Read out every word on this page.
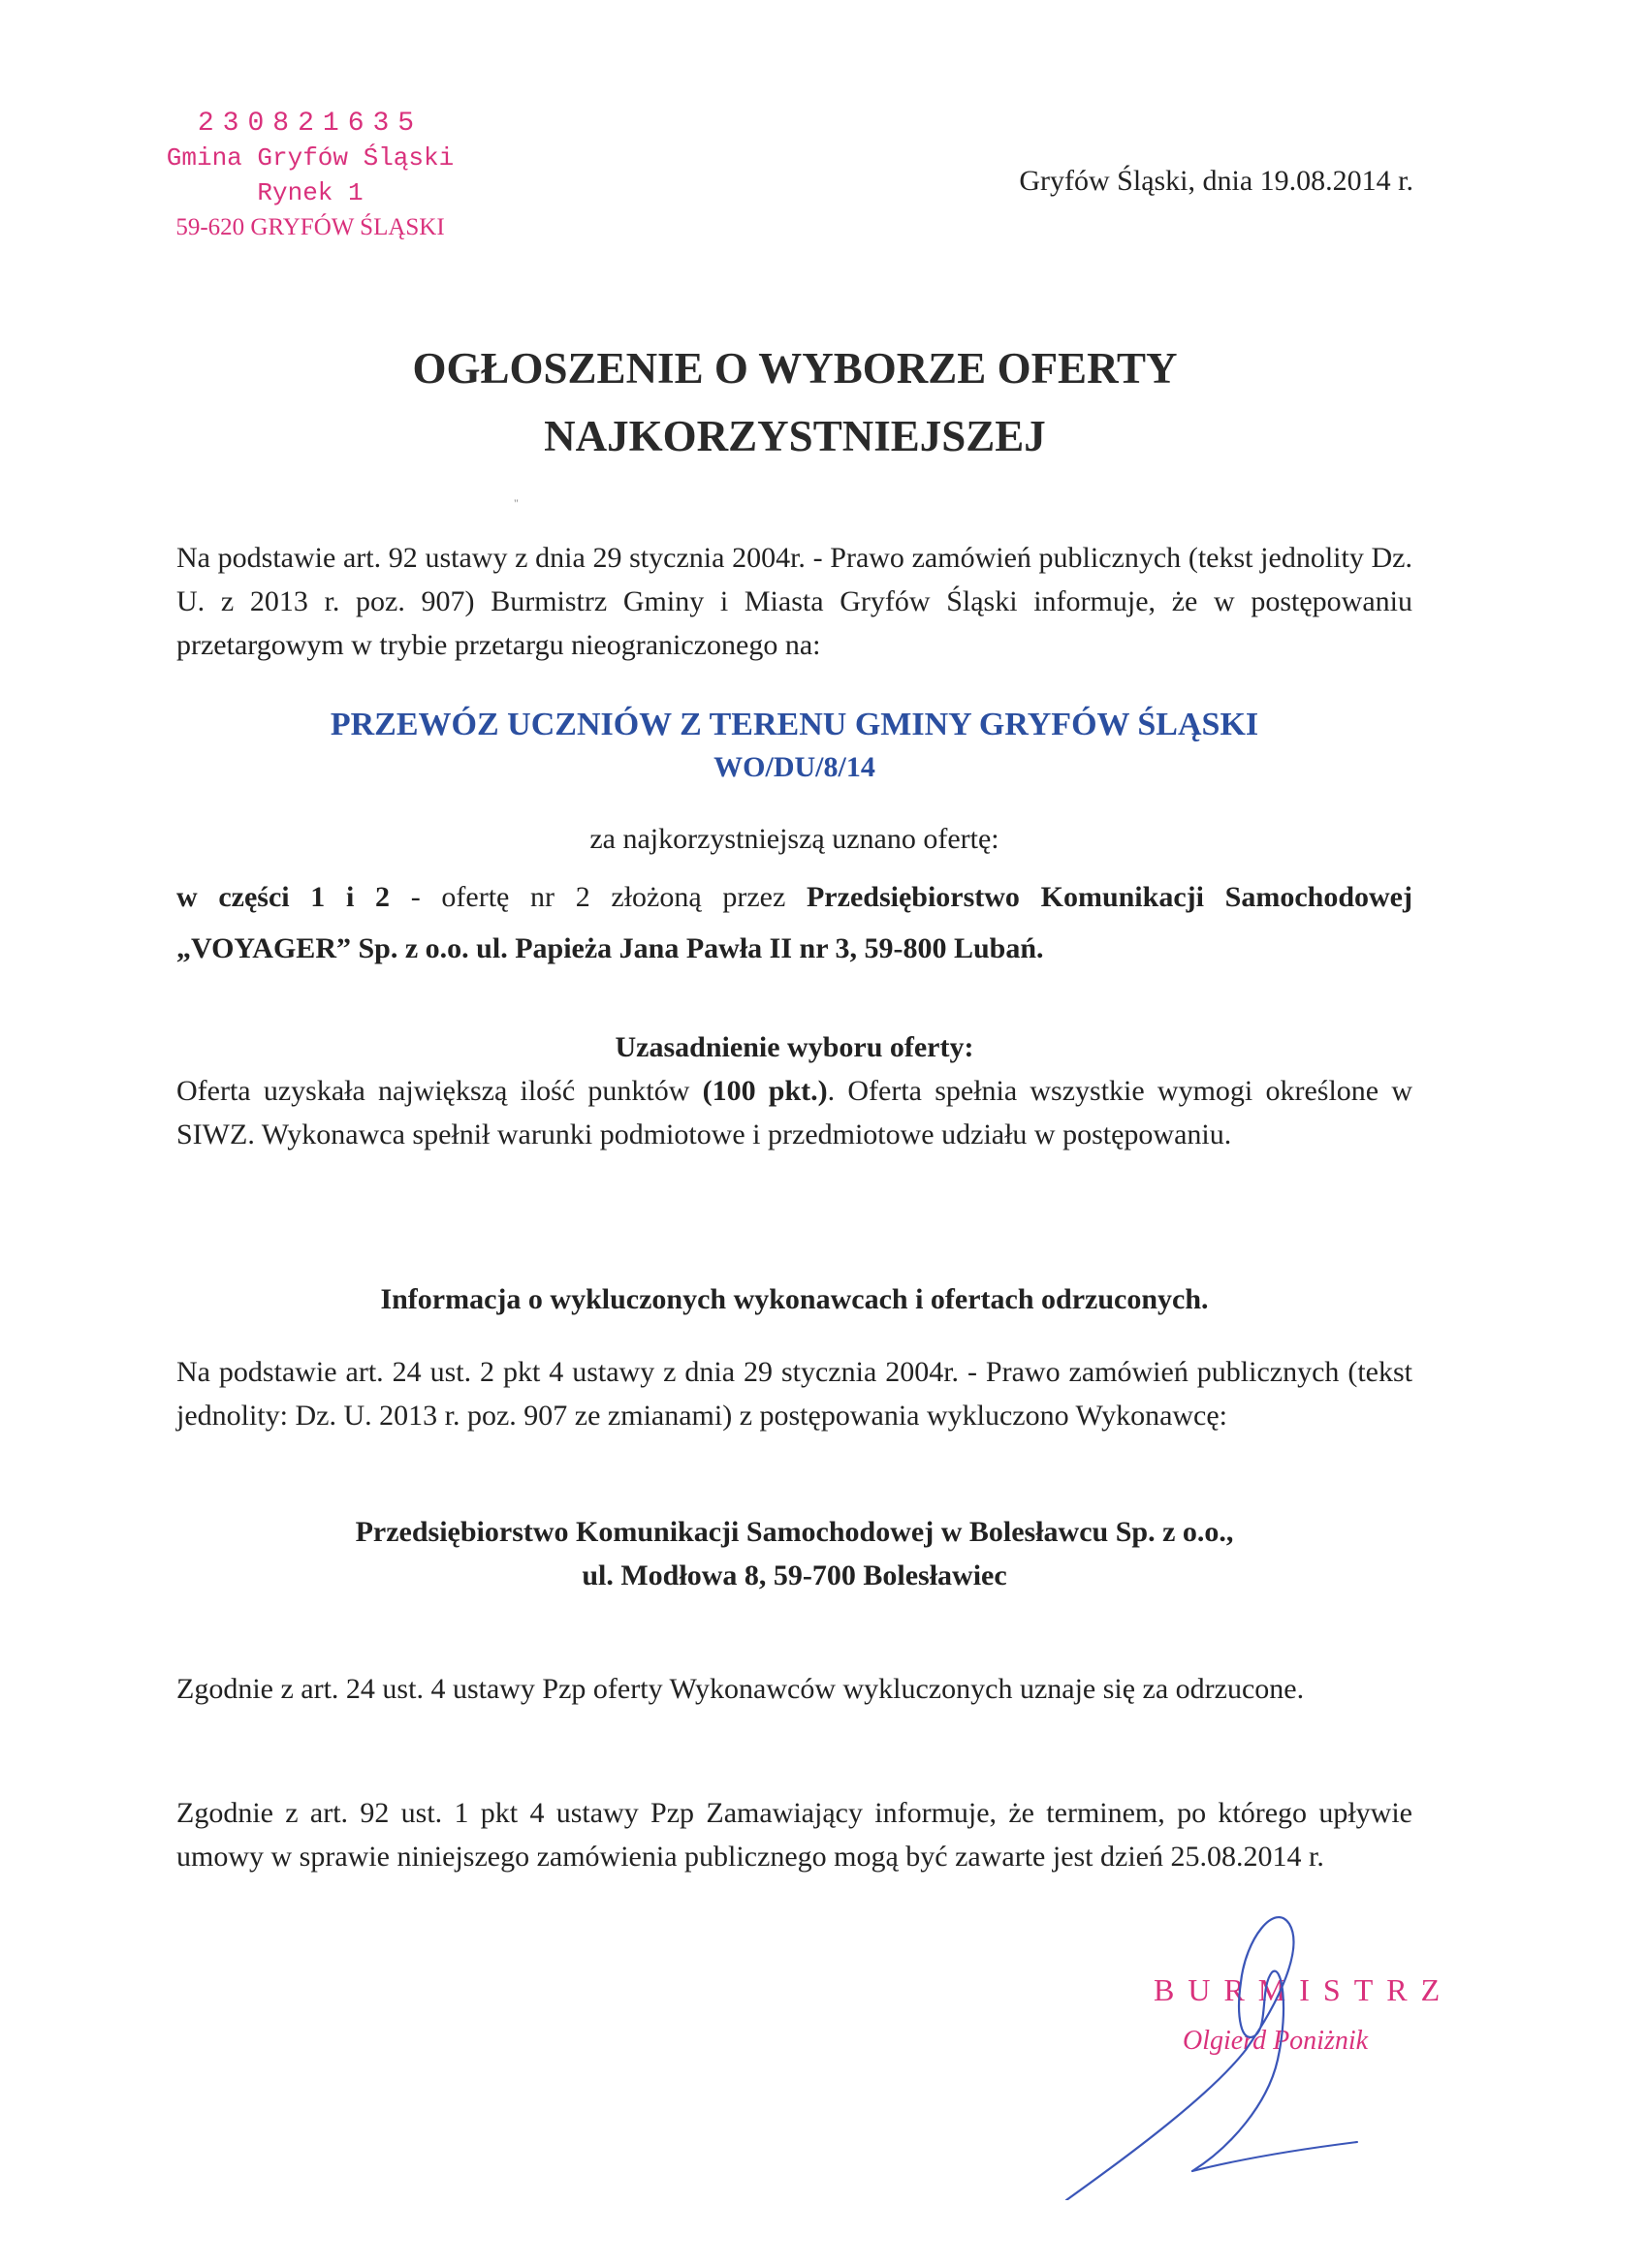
230821635
Gmina Gryfów Śląski
Rynek 1
59-620 GRYFÓW ŚLĄSKI
Gryfów Śląski, dnia 19.08.2014 r.
OGŁOSZENIE O WYBORZE OFERTY
NAJKORZYSTNIEJSZEJ
"
Na podstawie art. 92 ustawy z dnia 29 stycznia 2004r. - Prawo zamówień publicznych (tekst jednolity Dz. U. z 2013 r. poz. 907) Burmistrz Gminy i Miasta Gryfów Śląski informuje, że w postępowaniu przetargowym w trybie przetargu nieograniczonego na:
PRZEWÓZ UCZNIÓW Z TERENU GMINY GRYFÓW ŚLĄSKI
WO/DU/8/14
za najkorzystniejszą uznano ofertę:
w części 1 i 2 - ofertę nr 2 złożoną przez Przedsiębiorstwo Komunikacji Samochodowej
„VOYAGER” Sp. z o.o. ul. Papieża Jana Pawła II nr 3, 59-800 Lubań.
Uzasadnienie wyboru oferty:
Oferta uzyskała największą ilość punktów (100 pkt.). Oferta spełnia wszystkie wymogi określone w SIWZ. Wykonawca spełnił warunki podmiotowe i przedmiotowe udziału w postępowaniu.
Informacja o wykluczonych wykonawcach i ofertach odrzuconych.
Na podstawie art. 24 ust. 2 pkt 4 ustawy z dnia 29 stycznia 2004r. - Prawo zamówień publicznych (tekst jednolity: Dz. U. 2013 r. poz. 907 ze zmianami) z postępowania wykluczono Wykonawcę:
Przedsiębiorstwo Komunikacji Samochodowej w Bolesławcu Sp. z o.o.,
ul. Modłowa 8, 59-700 Bolesławiec
Zgodnie z art. 24 ust. 4 ustawy Pzp oferty Wykonawców wykluczonych uznaje się za odrzucone.
Zgodnie z art. 92 ust. 1 pkt 4 ustawy Pzp Zamawiający informuje, że terminem, po którego upływie umowy w sprawie niniejszego zamówienia publicznego mogą być zawarte jest dzień 25.08.2014 r.
BURMISTRZ
Olgierd Poniżnik
